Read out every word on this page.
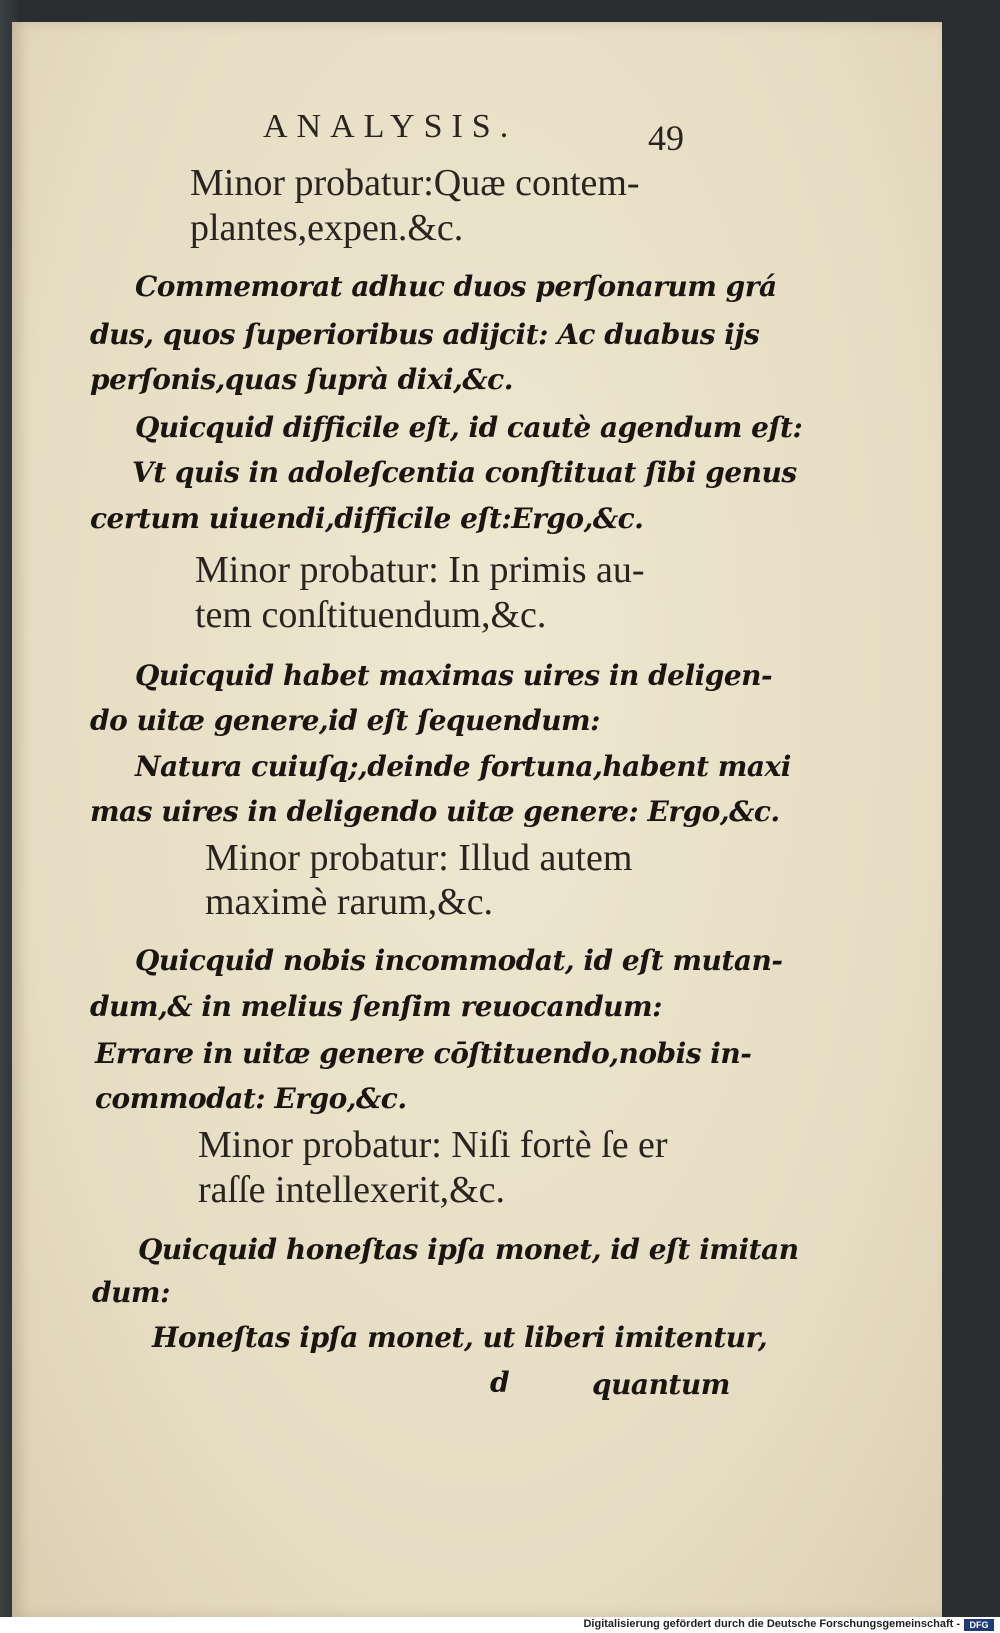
ANALYSIS.	49
Minor probatur:Quæ contem-
plantes,expen.&c.
Commemorat adhuc duos perſonarum grá
dus, quos ſuperioribus adijcit: Ac duabus ijs
perſonis,quas ſuprà dixi,&c.
Quicquid difficile eſt, id cautè agendum eſt:
Vt quis in adoleſcentia conſtituat ſibi genus
certum uiuendi,difficile eſt:Ergo,&c.
Minor probatur: In primis au-
tem conſtituendum,&c.
Quicquid habet maximas uires in deligen-
do uitæ genere,id eſt ſequendum:
Natura cuiuſq;,deinde fortuna,habent maxi
mas uires in deligendo uitæ genere: Ergo,&c.
Minor probatur: Illud autem
maximè rarum,&c.
Quicquid nobis incommodat, id eſt mutan-
dum,& in melius ſenſim reuocandum:
Errare in uitæ genere cōſtituendo,nobis in-
commodat: Ergo,&c.
Minor probatur: Niſi fortè ſe er
raſſe intellexerit,&c.
Quicquid honeſtas ipſa monet, id eſt imitan
dum:
Honeſtas ipſa monet, ut liberi imitentur,
d	quantum
Digitalisierung gefördert durch die Deutsche Forschungsgemeinschaft -	DFG
